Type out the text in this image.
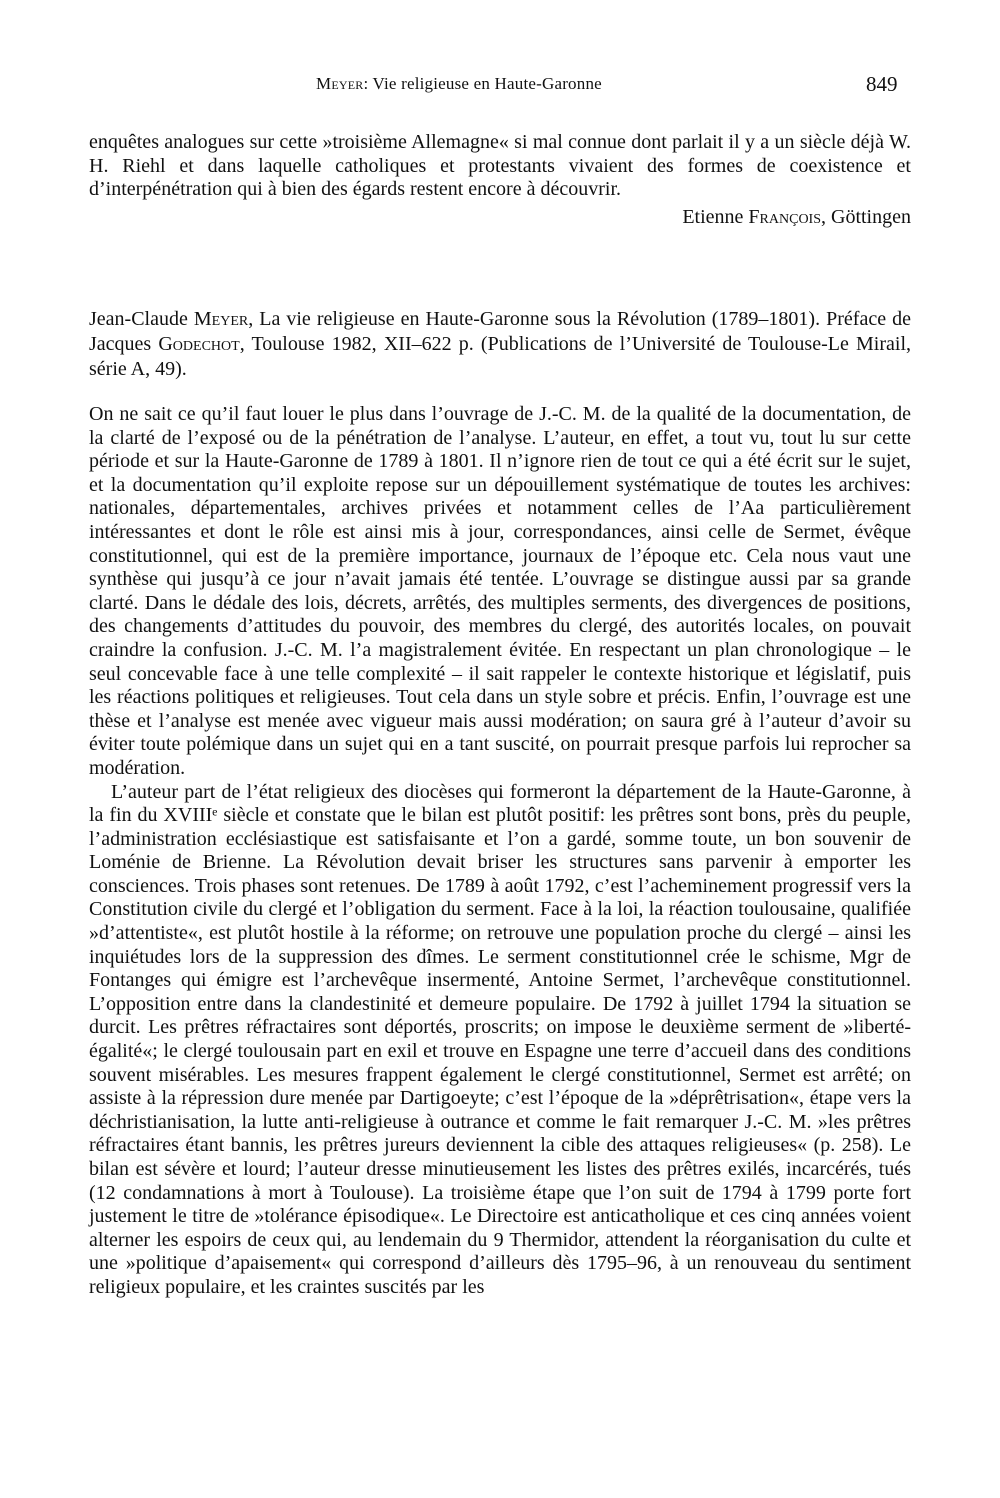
Meyer: Vie religieuse en Haute-Garonne	849
enquêtes analogues sur cette »troisième Allemagne« si mal connue dont parlait il y a un siècle déjà W. H. Riehl et dans laquelle catholiques et protestants vivaient des formes de coexistence et d’interpénétration qui à bien des égards restent encore à découvrir.
Etienne François, Göttingen
Jean-Claude Meyer, La vie religieuse en Haute-Garonne sous la Révolution (1789–1801). Préface de Jacques Godechot, Toulouse 1982, XII–622 p. (Publications de l’Université de Toulouse-Le Mirail, série A, 49).

On ne sait ce qu’il faut louer le plus dans l’ouvrage de J.-C. M. de la qualité de la documentation, de la clarté de l’exposé ou de la pénétration de l’analyse. L’auteur, en effet, a tout vu, tout lu sur cette période et sur la Haute-Garonne de 1789 à 1801. Il n’ignore rien de tout ce qui a été écrit sur le sujet, et la documentation qu’il exploite repose sur un dépouillement systématique de toutes les archives: nationales, départementales, archives privées et notamment celles de l’Aa particulièrement intéressantes et dont le rôle est ainsi mis à jour, correspondances, ainsi celle de Sermet, évêque constitutionnel, qui est de la première importance, journaux de l’époque etc. Cela nous vaut une synthèse qui jusqu’à ce jour n’avait jamais été tentée. L’ouvrage se distingue aussi par sa grande clarté. Dans le dédale des lois, décrets, arrêtés, des multiples serments, des divergences de positions, des changements d’attitudes du pouvoir, des membres du clergé, des autorités locales, on pouvait craindre la confusion. J.-C. M. l’a magistralement évitée. En respectant un plan chronologique – le seul concevable face à une telle complexité – il sait rappeler le contexte historique et législatif, puis les réactions politiques et religieuses. Tout cela dans un style sobre et précis. Enfin, l’ouvrage est une thèse et l’analyse est menée avec vigueur mais aussi modération; on saura gré à l’auteur d’avoir su éviter toute polémique dans un sujet qui en a tant suscité, on pourrait presque parfois lui reprocher sa modération.

L’auteur part de l’état religieux des diocèses qui formeront la département de la Haute-Garonne, à la fin du XVIIIᵉ siècle et constate que le bilan est plutôt positif: les prêtres sont bons, près du peuple, l’administration ecclésiastique est satisfaisante et l’on a gardé, somme toute, un bon souvenir de Loménie de Brienne. La Révolution devait briser les structures sans parvenir à emporter les consciences. Trois phases sont retenues. De 1789 à août 1792, c’est l’acheminement progressif vers la Constitution civile du clergé et l’obligation du serment. Face à la loi, la réaction toulousaine, qualifiée »d’attentiste«, est plutôt hostile à la réforme; on retrouve une population proche du clergé – ainsi les inquiétudes lors de la suppression des dîmes. Le serment constitutionnel crée le schisme, Mgr de Fontanges qui émigre est l’archevêque insermenté, Antoine Sermet, l’archevêque constitutionnel. L’opposition entre dans la clandestinité et demeure populaire. De 1792 à juillet 1794 la situation se durcit. Les prêtres réfractaires sont déportés, proscrits; on impose le deuxième serment de »liberté-égalité«; le clergé toulousain part en exil et trouve en Espagne une terre d’accueil dans des conditions souvent misérables. Les mesures frappent également le clergé constitutionnel, Sermet est arrêté; on assiste à la répression dure menée par Dartigoeyte; c’est l’époque de la »déprêtrisation«, étape vers la déchristianisation, la lutte anti-religieuse à outrance et comme le fait remarquer J.-C. M. »les prêtres réfractaires étant bannis, les prêtres jureurs deviennent la cible des attaques religieuses« (p. 258). Le bilan est sévère et lourd; l’auteur dresse minutieusement les listes des prêtres exilés, incarcérés, tués (12 condamnations à mort à Toulouse). La troisième étape que l’on suit de 1794 à 1799 porte fort justement le titre de »tolérance épisodique«. Le Directoire est anticatholique et ces cinq années voient alterner les espoirs de ceux qui, au lendemain du 9 Thermidor, attendent la réorganisation du culte et une »politique d’apaisement« qui correspond d’ailleurs dès 1795–96, à un renouveau du sentiment religieux populaire, et les craintes suscités par les
